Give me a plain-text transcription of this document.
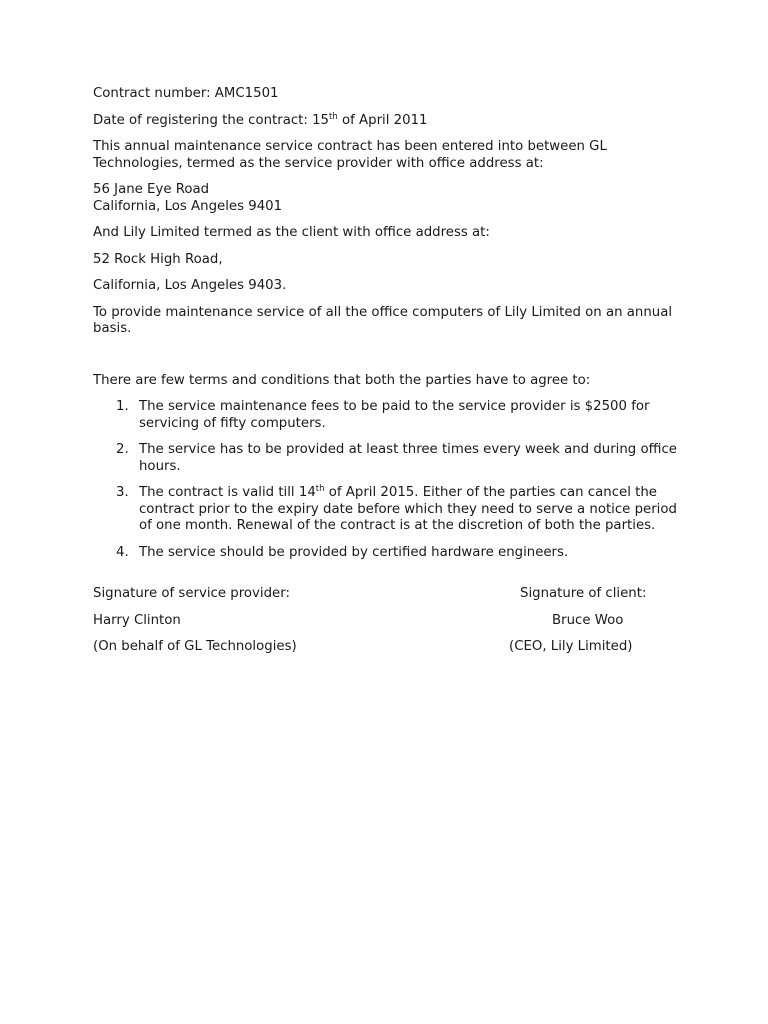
Contract number: AMC1501

Date of registering the contract: 15th of April 2011

This annual maintenance service contract has been entered into between GL Technologies, termed as the service provider with office address at:

56 Jane Eye Road

California, Los Angeles 9401

And Lily Limited termed as the client with office address at:

52 Rock High Road,

California, Los Angeles 9403.

To provide maintenance service of all the office computers of Lily Limited on an annual basis.

There are few terms and conditions that both the parties have to agree to:

1. The service maintenance fees to be paid to the service provider is $2500 for servicing of fifty computers.
2. The service has to be provided at least three times every week and during office hours.
3. The contract is valid till 14th of April 2015. Either of the parties can cancel the contract prior to the expiry date before which they need to serve a notice period of one month. Renewal of the contract is at the discretion of both the parties.
4. The service should be provided by certified hardware engineers.
Signature of service provider:	Signature of client:
Harry Clinton	Bruce Woo
(On behalf of GL Technologies)	(CEO, Lily Limited)
